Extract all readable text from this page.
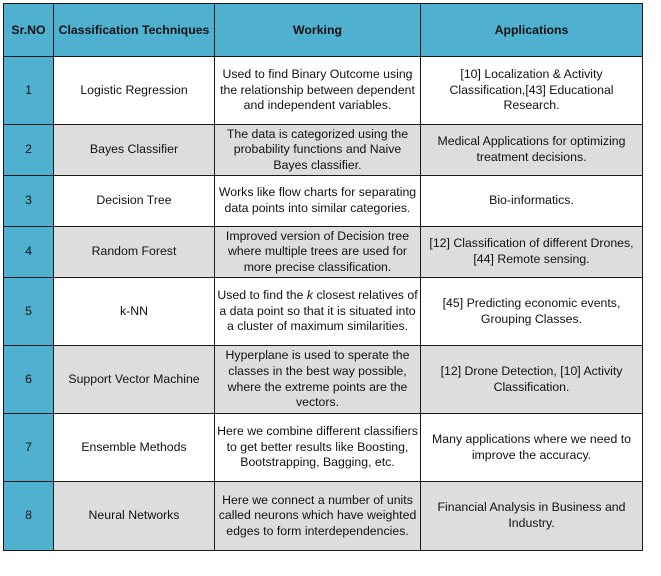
Sr.NO	Classification Techniques	Working	Applications
1	Logistic Regression	Used to find Binary Outcome using the relationship between dependent and independent variables.	[10] Localization & Activity Classification,[43] Educational Research.
2	Bayes Classifier	The data is categorized using the probability functions and Naive Bayes classifier.	Medical Applications for optimizing treatment decisions.
3	Decision Tree	Works like flow charts for separating data points into similar categories.	Bio-informatics.
4	Random Forest	Improved version of Decision tree where multiple trees are used for more precise classification.	[12] Classification of different Drones,[44] Remote sensing.
5	k-NN	Used to find the k closest relatives of a data point so that it is situated into a cluster of maximum similarities.	[45] Predicting economic events, Grouping Classes.
6	Support Vector Machine	Hyperplane is used to sperate the classes in the best way possible, where the extreme points are the vectors.	[12] Drone Detection, [10] Activity Classification.
7	Ensemble Methods	Here we combine different classifiers to get better results like Boosting, Bootstrapping, Bagging, etc.	Many applications where we need to improve the accuracy.
8	Neural Networks	Here we connect a number of units called neurons which have weighted edges to form interdependencies.	Financial Analysis in Business and Industry.
